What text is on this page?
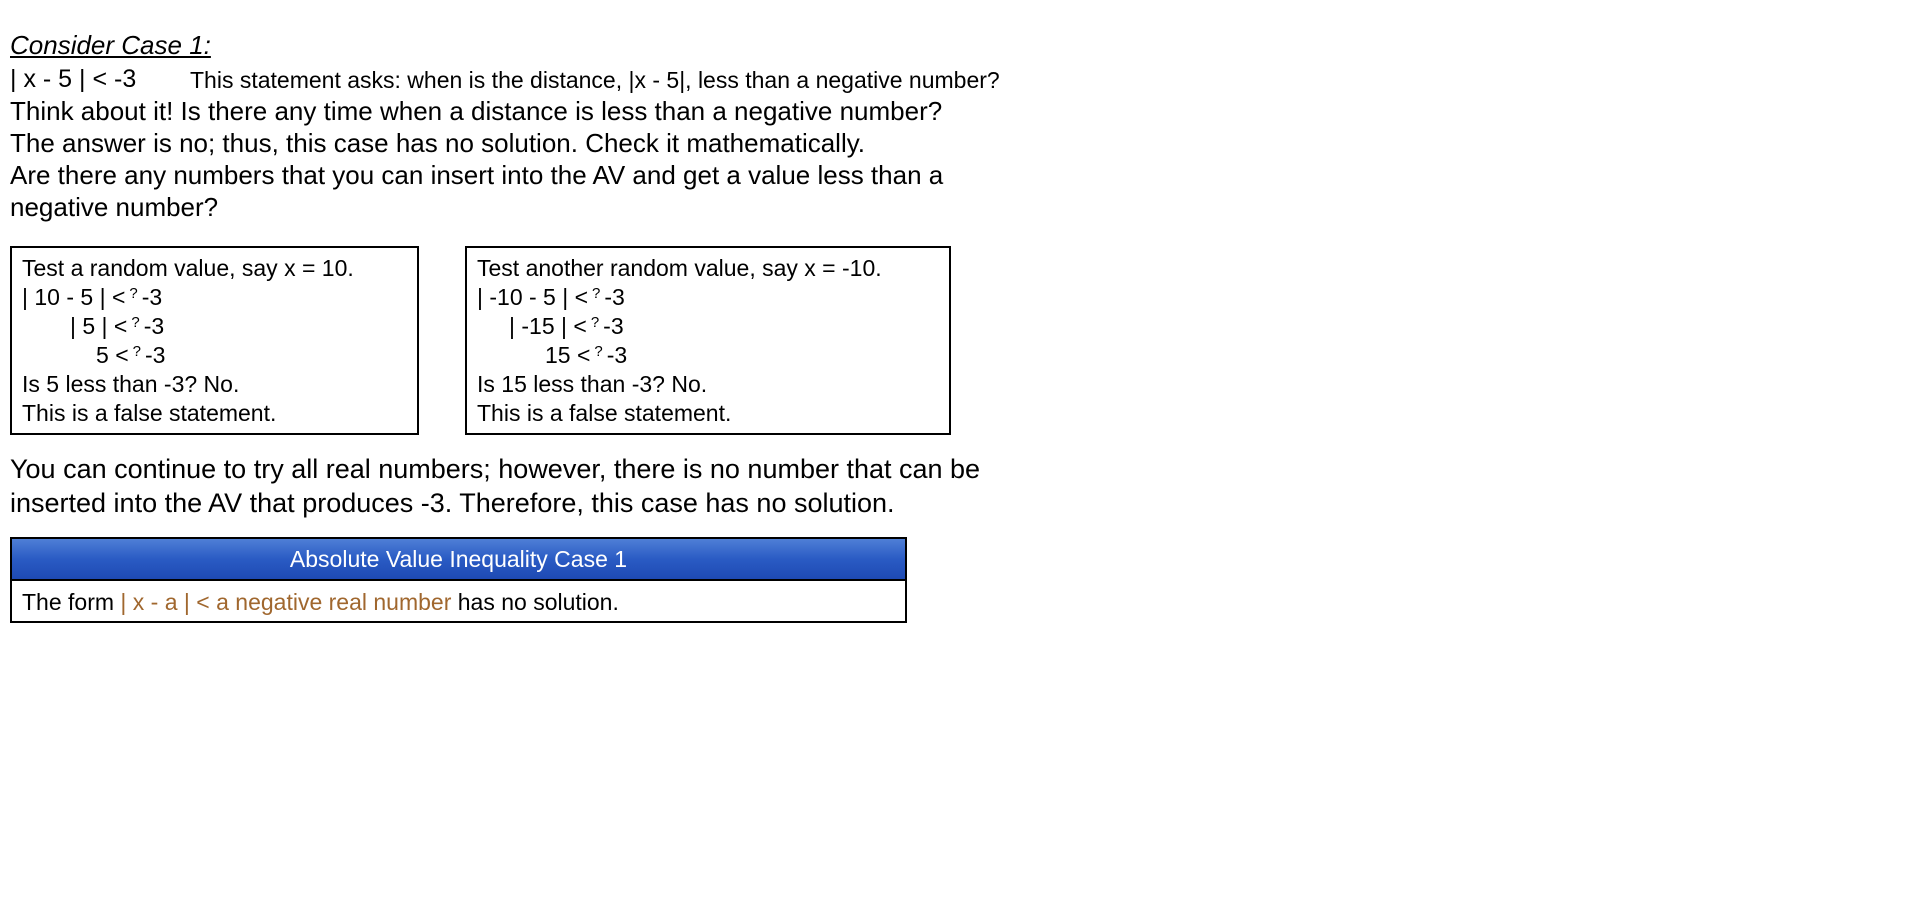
Consider Case 1:
| x - 5 | < -3 This statement asks: when is the distance, |x - 5|, less than a negative number?
Think about it! Is there any time when a distance is less than a negative number?
The answer is no; thus, this case has no solution. Check it mathematically.
Are there any numbers that you can insert into the AV and get a value less than a
negative number?
Test a random value, say x = 10.
| 10 - 5 | < ? -3
| 5 | < ? -3
5 < ? -3
Is 5 less than -3? No.
This is a false statement.
Test another random value, say x = -10.
| -10 - 5 | < ? -3
| -15 | < ? -3
15 < ? -3
Is 15 less than -3? No.
This is a false statement.
You can continue to try all real numbers; however, there is no number that can be
inserted into the AV that produces -3. Therefore, this case has no solution.
Absolute Value Inequality Case 1
The form | x - a | < a negative real number has no solution.
